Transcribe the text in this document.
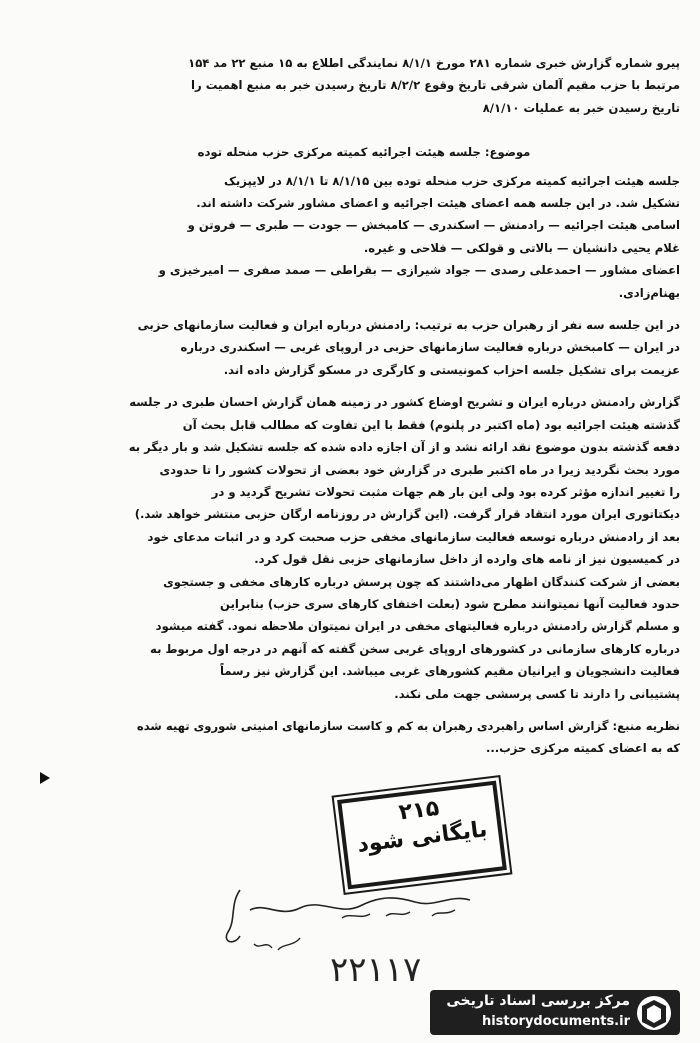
پیرو شماره گزارش خبری شماره ۲۸۱ مورخ ۸/۱/۱ نمایندگی اطلاع به ۱۵ منبع ۲۲ مد ۱۵۴
مرتبط با حزب مقیم آلمان شرقی تاریخ وقوع ۸/۲/۲ تاریخ رسیدن خبر به منبع اهمیت را
تاریخ رسیدن خبر به عملیات ۸/۱/۱۰
موضوع: جلسه هیئت اجرائیه کمیته مرکزی حزب منحله توده
جلسه هیئت اجرائیه کمیته مرکزی حزب منحله توده بین ۸/۱/۱۵ تا ۸/۱/۱ در لایپزیک
تشکیل شد. در این جلسه همه اعضای هیئت اجرائیه و اعضای مشاور شرکت داشته اند.
اسامی هیئت اجرائیه — رادمنش — اسکندری — کامبخش — جودت — طبری — فروتن و
غلام یحیی دانشیان — بالاتی و قولکی — فلاحی و غیره.
اعضای مشاور — احمدعلی رصدی — جواد شیرازی — بقراطی — صمد صفری — امیرخیزی و
بهنام‌زادی.
در این جلسه سه نفر از رهبران حزب به ترتیب: رادمنش درباره ایران و فعالیت سازمانهای حزبی
در ایران — کامبخش درباره فعالیت سازمانهای حزبی در اروپای غربی — اسکندری درباره
عزیمت برای تشکیل جلسه احزاب کمونیستی و کارگری در مسکو گزارش داده اند.
گزارش رادمنش درباره ایران و تشریح اوضاع کشور در زمینه همان گزارش احسان طبری در جلسه
گذشته هیئت اجرائیه بود (ماه اکتبر در پلنوم) فقط با این تفاوت که مطالب قابل بحث آن
دفعه گذشته بدون موضوع نقد ارائه نشد و از آن اجازه داده شده که جلسه تشکیل شد و بار دیگر به
مورد بحث نگردید زیرا در ماه اکتبر طبری در گزارش خود بعضی از تحولات کشور را تا حدودی
را تغییر اندازه مؤثر کرده بود ولی این بار هم جهات مثبت تحولات تشریح گردید و در
دیکتاتوری ایران مورد انتقاد قرار گرفت. (این گزارش در روزنامه ارگان حزبی منتشر خواهد شد.)
بعد از رادمنش درباره توسعه فعالیت سازمانهای مخفی حزب صحبت کرد و در اثبات مدعای خود
در کمیسیون نیز از نامه های وارده از داخل سازمانهای حزبی نقل قول کرد.
بعضی از شرکت کنندگان اظهار می‌داشتند که چون پرسش درباره کارهای مخفی و جستجوی
حدود فعالیت آنها نمیتوانند مطرح شود (بعلت اختفای کارهای سری حزب) بنابراین
و مسلم گزارش رادمنش درباره فعالیتهای مخفی در ایران نمیتوان ملاحظه نمود. گفته میشود
درباره کارهای سازمانی در کشورهای اروپای غربی سخن گفته که آنهم در درجه اول مربوط به
فعالیت دانشجویان و ایرانیان مقیم کشورهای غربی میباشد. این گزارش نیز رسماً
پشتیبانی را دارند تا کسی پرسشی جهت ملی نکند.
نظریه منبع: گزارش اساس راهبردی رهبران به کم و کاست سازمانهای امنیتی شوروی تهیه شده
که به اعضای کمیته مرکزی حزب...
۲۱۵
بایگانی شود
۲۲۱۱۷
مرکز بررسی اسناد تاریخی
historydocuments.ir
